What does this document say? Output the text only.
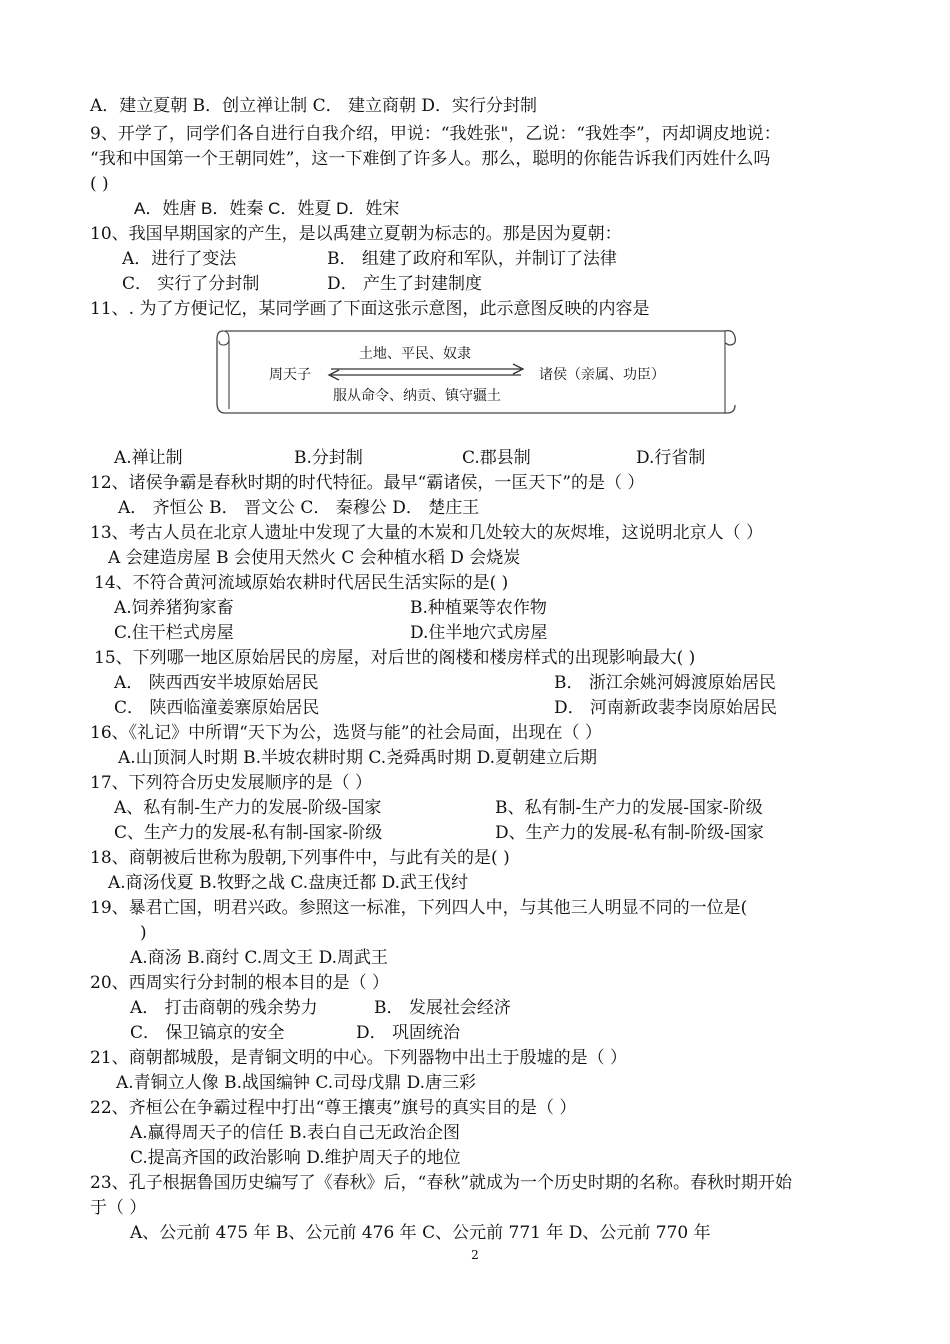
A．建立夏朝 B．创立禅让制 C． 建立商朝 D．实行分封制
9、开学了，同学们各自进行自我介绍，甲说：“我姓张"，乙说：“我姓李”，丙却调皮地说：
“我和中国第一个王朝同姓”，这一下难倒了许多人。那么，聪明的你能告诉我们丙姓什么吗
( )
A．姓唐 B．姓秦 C．姓夏 D．姓宋
10、我国早期国家的产生，是以禹建立夏朝为标志的。那是因为夏朝：
A．进行了变法	B． 组建了政府和军队，并制订了法律
C． 实行了分封制	D． 产生了封建制度
11、. 为了方便记忆，某同学画了下面这张示意图，此示意图反映的内容是
土地、平民、奴隶
周天子	诸侯（亲属、功臣）
服从命令、纳贡、镇守疆土
A.禅让制	B.分封制	C.郡县制	D.行省制
12、诸侯争霸是春秋时期的时代特征。最早“霸诸侯，一匡天下”的是（ ）
A． 齐恒公 B． 晋文公 C． 秦穆公 D． 楚庄王
13、考古人员在北京人遗址中发现了大量的木炭和几处较大的灰烬堆，这说明北京人（ ）
A 会建造房屋 B 会使用天然火 C 会种植水稻 D 会烧炭
14、不符合黄河流域原始农耕时代居民生活实际的是( )
A.饲养猪狗家畜	B.种植粟等农作物
C.住干栏式房屋	D.住半地穴式房屋
15、下列哪一地区原始居民的房屋，对后世的阁楼和楼房样式的出现影响最大( )
A． 陕西西安半坡原始居民	B． 浙江余姚河姆渡原始居民
C． 陕西临潼姜寨原始居民	D． 河南新政裴李岗原始居民
16、《礼记》中所谓“天下为公，选贤与能”的社会局面，出现在（ ）
A.山顶洞人时期 B.半坡农耕时期 C.尧舜禹时期 D.夏朝建立后期
17、下列符合历史发展顺序的是（ ）
A、私有制-生产力的发展-阶级-国家	B、私有制-生产力的发展-国家-阶级
C、生产力的发展-私有制-国家-阶级	D、生产力的发展-私有制-阶级-国家
18、商朝被后世称为殷朝,下列事件中，与此有关的是( )
A.商汤伐夏 B.牧野之战 C.盘庚迁都 D.武王伐纣
19、暴君亡国，明君兴政。参照这一标准，下列四人中，与其他三人明显不同的一位是(
)
A.商汤 B.商纣 C.周文王 D.周武王
20、西周实行分封制的根本目的是（ ）
A． 打击商朝的残余势力	B． 发展社会经济
C． 保卫镐京的安全	D． 巩固统治
21、商朝都城殷，是青铜文明的中心。下列器物中出土于殷墟的是（ ）
A.青铜立人像 B.战国编钟 C.司母戊鼎 D.唐三彩
22、齐桓公在争霸过程中打出“尊王攘夷”旗号的真实目的是（ ）
A.赢得周天子的信任 B.表白自己无政治企图
C.提高齐国的政治影响 D.维护周天子的地位
23、孔子根据鲁国历史编写了《春秋》后，“春秋”就成为一个历史时期的名称。春秋时期开始
于（ ）
A、公元前 475 年 B、公元前 476 年 C、公元前 771 年 D、公元前 770 年
2
